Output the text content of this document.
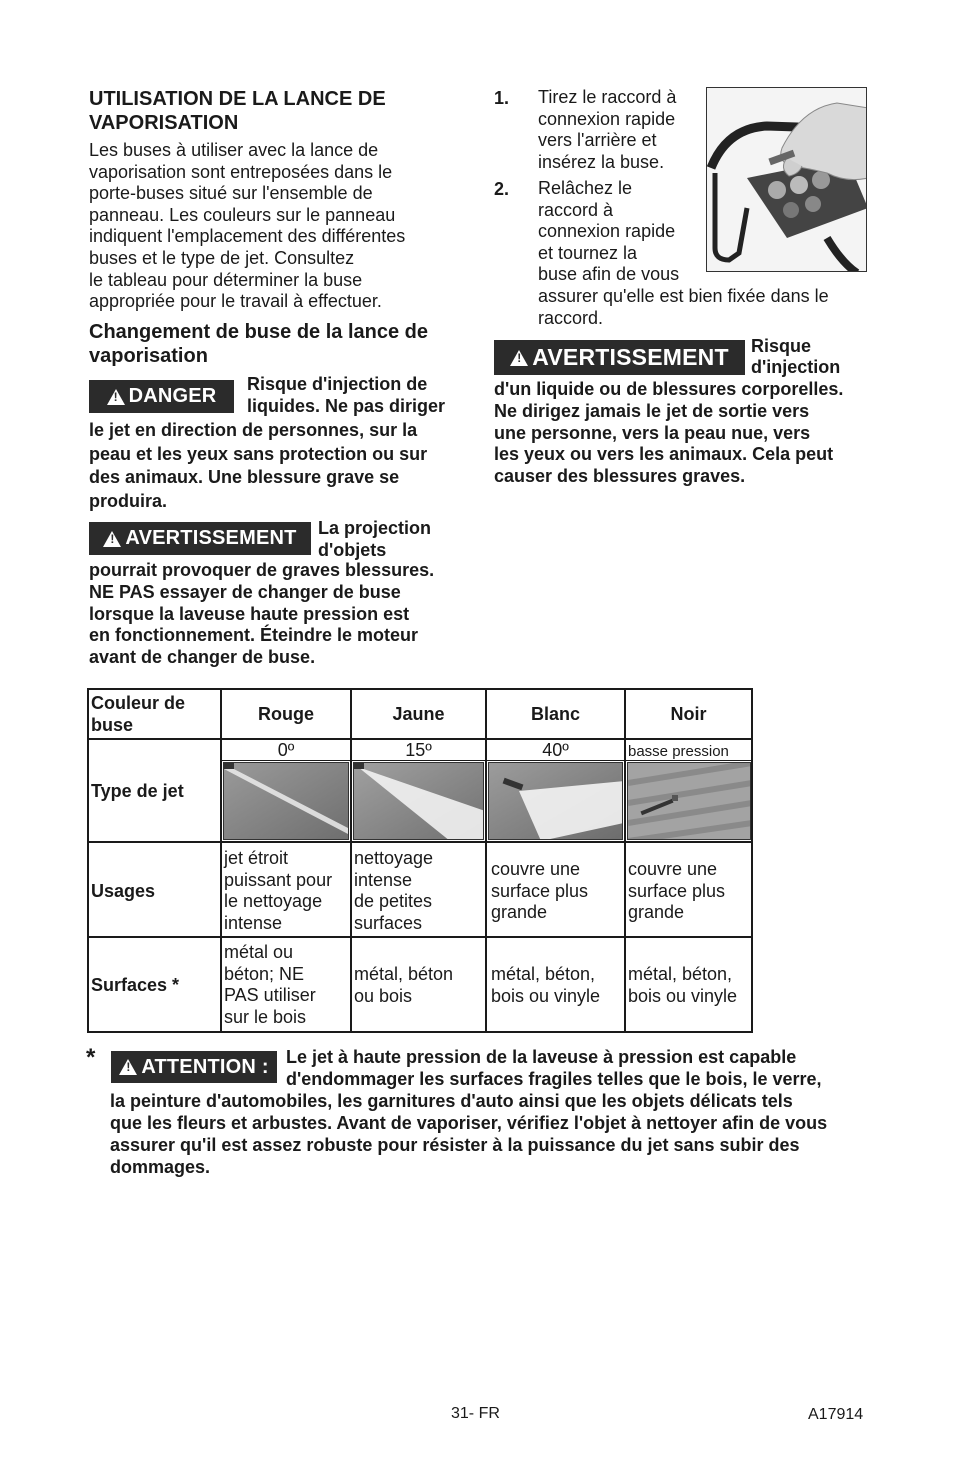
UTILISATION DE LA LANCE DE
VAPORISATION
Les buses à utiliser avec la lance de
vaporisation sont entreposées dans le
porte-buses situé sur l'ensemble de
panneau. Les couleurs sur le panneau
indiquent l'emplacement des différentes
buses et le type de jet. Consultez
le tableau pour déterminer la buse
appropriée pour le travail à effectuer.
Changement de buse de la lance de
vaporisation
!
DANGER
Risque d'injection de
liquides. Ne pas diriger
le jet en direction de personnes, sur la
peau et les yeux sans protection ou sur
des animaux. Une blessure grave se
produira.
!
AVERTISSEMENT La projection
d'objets
pourrait provoquer de graves blessures.
NE PAS essayer de changer de buse
lorsque la laveuse haute pression est
en fonctionnement. Éteindre le moteur
avant de changer de buse.
1. Tirez le raccord à
connexion rapide
vers l'arrière et
insérez la buse.
2. Relâchez le
raccord à
connexion rapide
et tournez la
buse afin de vous
assurer qu'elle est bien fixée dans le
raccord.
!
AVERTISSEMENT Risque
d'injection
d'un liquide ou de blessures corporelles.
Ne dirigez jamais le jet de sortie vers
une personne, vers la peau nue, vers
les yeux ou vers les animaux. Cela peut
causer des blessures graves.
Couleur de
buse
Rouge	Jaune	Blanc	Noir
Type de jet
Usages
Surfaces *
0º	15º	40º	basse pression
jet étroit
puissant pour
le nettoyage
intense
nettoyage
intense
de petites
surfaces
couvre une
surface plus
grande
couvre une
surface plus
grande
métal ou
béton; NE
PAS utiliser
sur le bois
métal, béton
ou bois
métal, béton,
bois ou vinyle
métal, béton,
bois ou vinyle
*
! ATTENTION : Le jet à haute pression de la laveuse à pression est capable
d'endommager les surfaces fragiles telles que le bois, le verre,
la peinture d'automobiles, les garnitures d'auto ainsi que les objets délicats tels
que les fleurs et arbustes. Avant de vaporiser, vérifiez l'objet à nettoyer afin de vous
assurer qu'il est assez robuste pour résister à la puissance du jet sans subir des
dommages.
31- FR	A17914
